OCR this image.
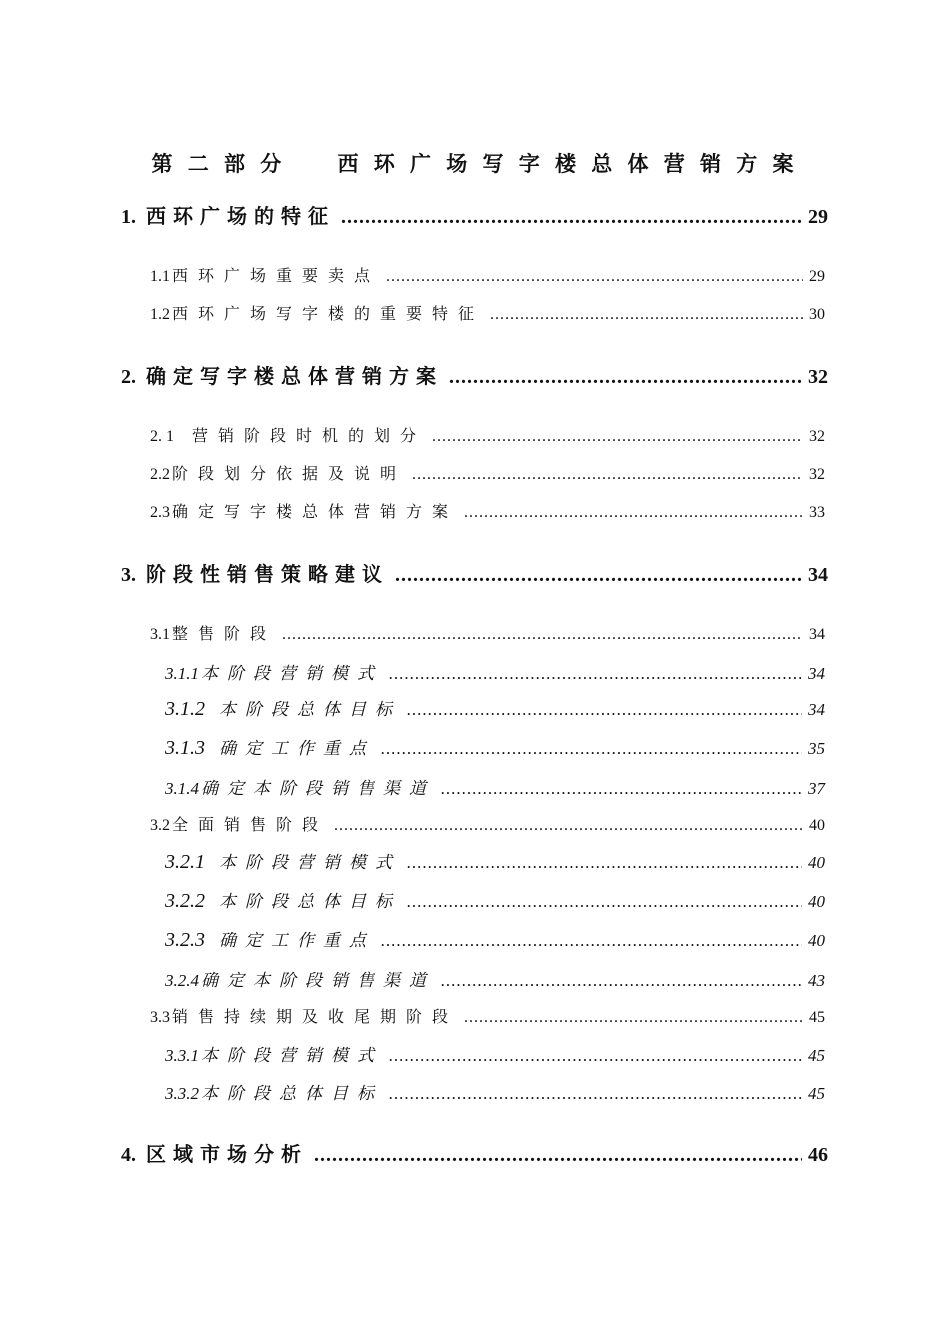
第 二 部 分     西 环 广 场 写 字 楼 总 体 营 销 方 案
1. 西环广场的特征 .....	29
1.1 西环广场重要卖点 .....	29
1.2 西环广场写字楼的重要特征 .....	30
2. 确定写字楼总体营销方案 .....	32
2. 1 营销阶段时机的划分 .....	32
2.2 阶段划分依据及说明 .....	32
2.3 确定写字楼总体营销方案 .....	33
3. 阶段性销售策略建议 .....	34
3.1 整售阶段 .....	34
3.1.1 本阶段营销模式 .....	34
3.1.2 本阶段总体目标 .....	34
3.1.3 确定工作重点 .....	35
3.1.4 确定本阶段销售渠道 .....	37
3.2 全面销售阶段 .....	40
3.2.1 本阶段营销模式 .....	40
3.2.2 本阶段总体目标 .....	40
3.2.3 确定工作重点 .....	40
3.2.4 确定本阶段销售渠道 .....	43
3.3 销售持续期及收尾期阶段 .....	45
3.3.1 本阶段营销模式 .....	45
3.3.2 本阶段总体目标 .....	45
4. 区域市场分析 .....	46
